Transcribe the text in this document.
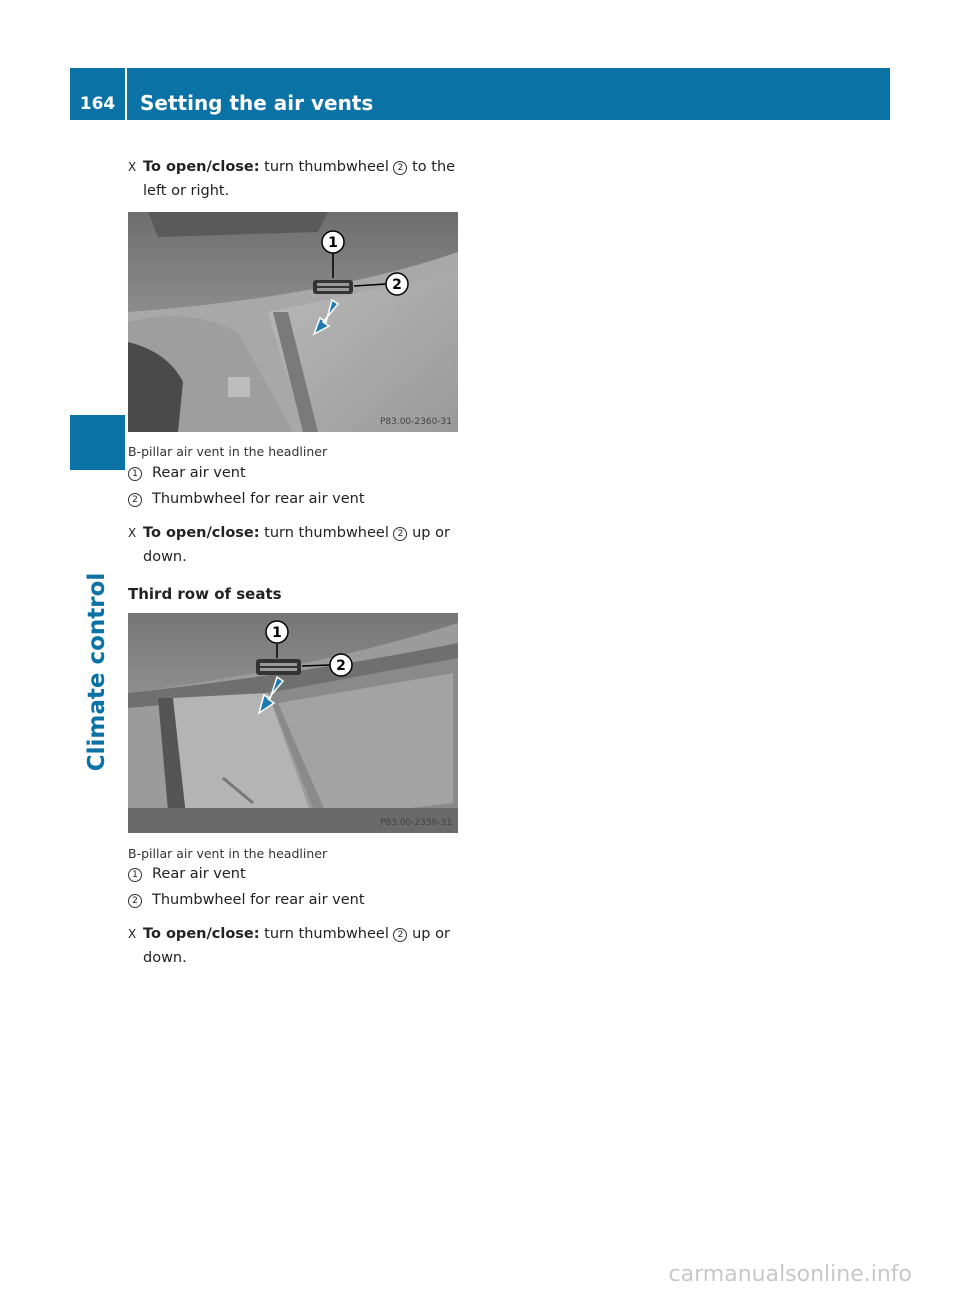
164	Setting the air vents
Climate control
X To open/close: turn thumbwheel 2 to the
left or right.
1
2
P83.00-2360-31
B-pillar air vent in the headliner
1 Rear air vent
2 Thumbwheel for rear air vent
X To open/close: turn thumbwheel 2 up or
down.
Third row of seats
1
2
P83.00-2356-31
B-pillar air vent in the headliner
1 Rear air vent
2 Thumbwheel for rear air vent
X To open/close: turn thumbwheel 2 up or
down.
carmanualsonline.info
